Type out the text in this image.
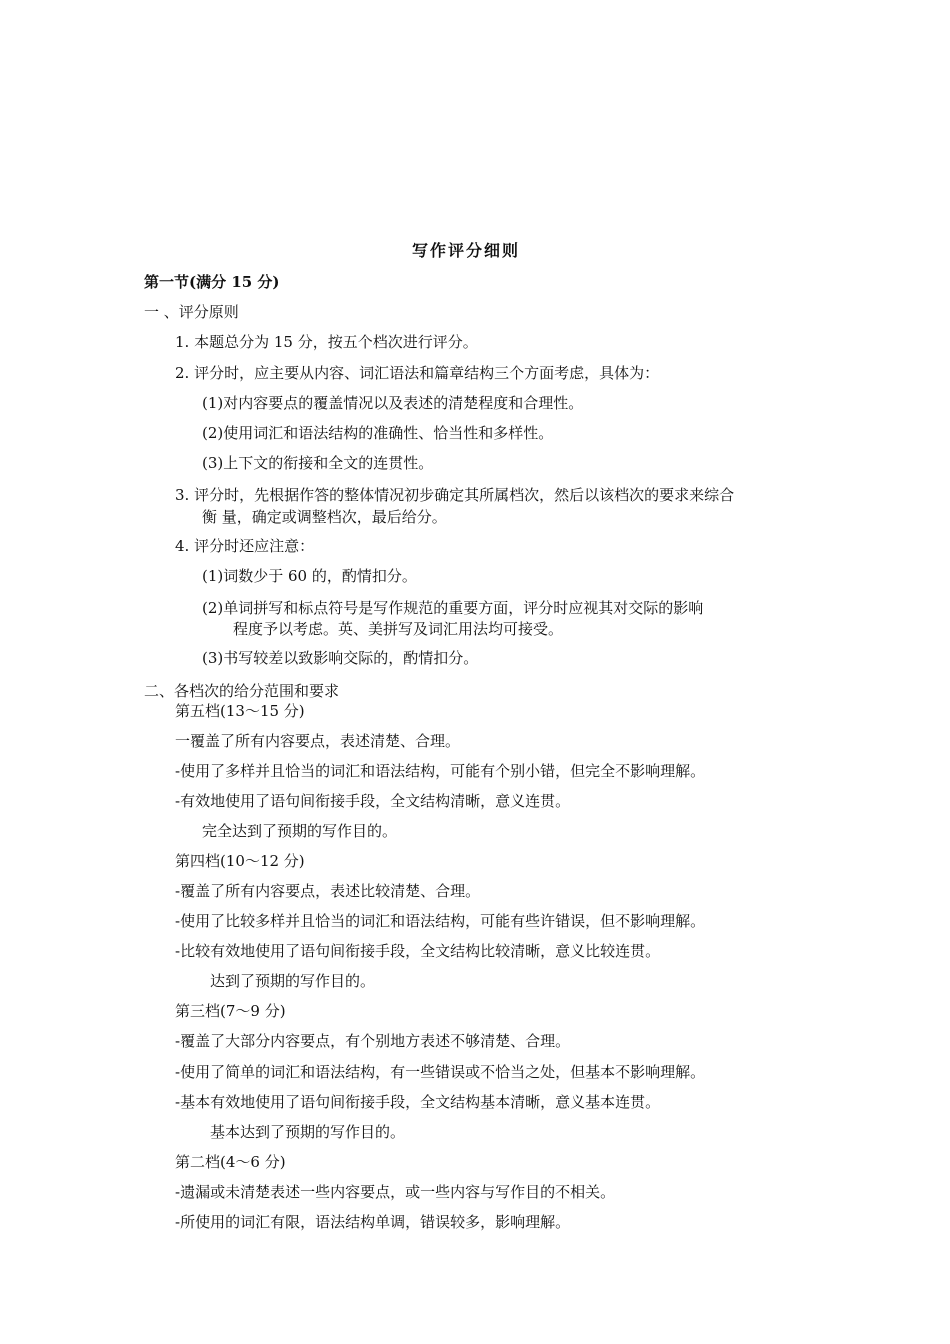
写作评分细则
第一节(满分 15 分)
一 、评分原则
1. 本题总分为 15 分，按五个档次进行评分。
2. 评分时，应主要从内容、词汇语法和篇章结构三个方面考虑，具体为：
(1)对内容要点的覆盖情况以及表述的清楚程度和合理性。
(2)使用词汇和语法结构的准确性、恰当性和多样性。
(3)上下文的衔接和全文的连贯性。
3. 评分时，先根据作答的整体情况初步确定其所属档次，然后以该档次的要求来综合
衡 量，确定或调整档次，最后给分。
4. 评分时还应注意：
(1)词数少于 60 的，酌情扣分。
(2)单词拼写和标点符号是写作规范的重要方面，评分时应视其对交际的影响
程度予以考虑。英、美拼写及词汇用法均可接受。
(3)书写较差以致影响交际的，酌情扣分。
二、各档次的给分范围和要求
第五档(13～15 分)
一覆盖了所有内容要点，表述清楚、合理。
-使用了多样并且恰当的词汇和语法结构，可能有个别小错，但完全不影响理解。
-有效地使用了语句间衔接手段，全文结构清晰，意义连贯。
完全达到了预期的写作目的。
第四档(10～12 分)
-覆盖了所有内容要点，表述比较清楚、合理。
-使用了比较多样并且恰当的词汇和语法结构，可能有些许错误，但不影响理解。
-比较有效地使用了语句间衔接手段，全文结构比较清晰，意义比较连贯。
达到了预期的写作目的。
第三档(7～9 分)
-覆盖了大部分内容要点，有个别地方表述不够清楚、合理。
-使用了简单的词汇和语法结构，有一些错误或不恰当之处，但基本不影响理解。
-基本有效地使用了语句间衔接手段，全文结构基本清晰，意义基本连贯。
基本达到了预期的写作目的。
第二档(4～6 分)
-遗漏或未清楚表述一些内容要点，或一些内容与写作目的不相关。
-所使用的词汇有限，语法结构单调，错误较多，影响理解。
